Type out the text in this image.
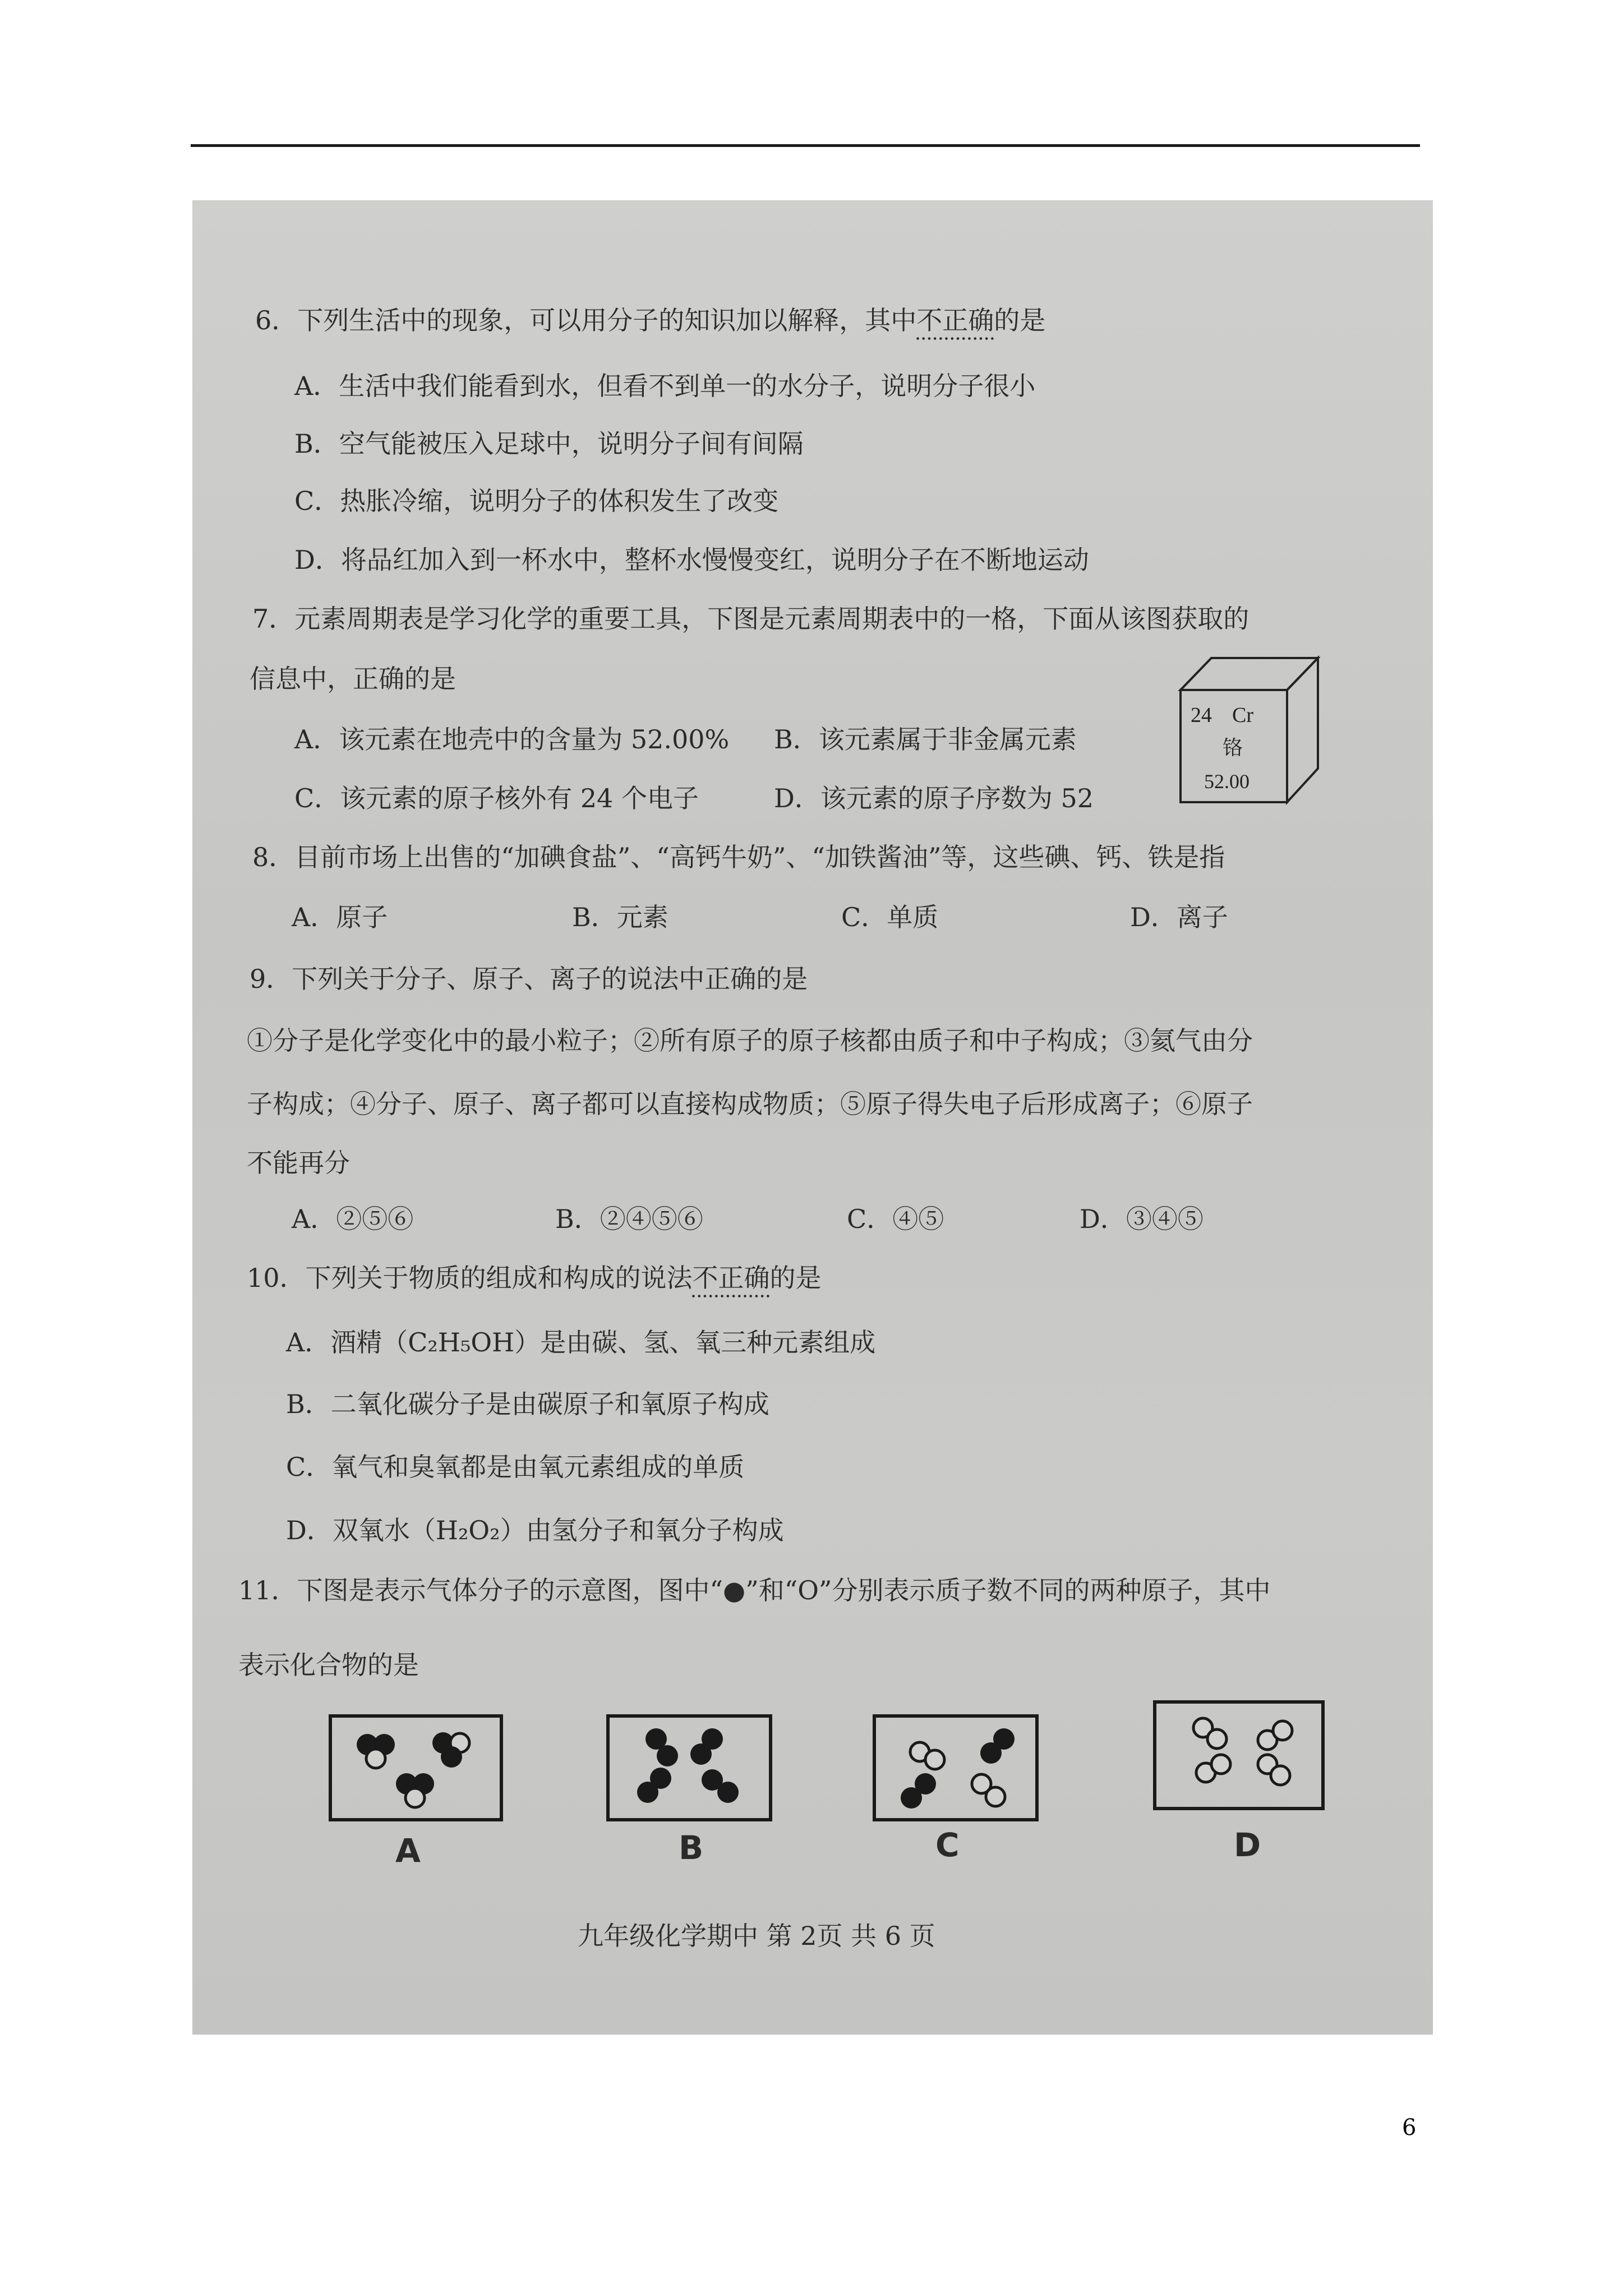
6．下列生活中的现象，可以用分子的知识加以解释，其中不正确的是
A．生活中我们能看到水，但看不到单一的水分子，说明分子很小
B．空气能被压入足球中，说明分子间有间隔
C．热胀冷缩，说明分子的体积发生了改变
D．将品红加入到一杯水中，整杯水慢慢变红，说明分子在不断地运动
7．元素周期表是学习化学的重要工具，下图是元素周期表中的一格，下面从该图获取的
信息中，正确的是
A．该元素在地壳中的含量为 52.00% B．该元素属于非金属元素
C．该元素的原子核外有 24 个电子	D．该元素的原子序数为 52
24 Cr
铬
52.00
8．目前市场上出售的“加碘食盐”、“高钙牛奶”、“加铁酱油”等，这些碘、钙、铁是指
A．原子	B．元素	C．单质	D．离子
9．下列关于分子、原子、离子的说法中正确的是
①分子是化学变化中的最小粒子；②所有原子的原子核都由质子和中子构成；③氦气由分
子构成；④分子、原子、离子都可以直接构成物质；⑤原子得失电子后形成离子；⑥原子
不能再分
A．②⑤⑥	B．②④⑤⑥	C．④⑤	D．③④⑤
10．下列关于物质的组成和构成的说法不正确的是
A．酒精（C₂H₅OH）是由碳、氢、氧三种元素组成
B．二氧化碳分子是由碳原子和氧原子构成
C．氧气和臭氧都是由氧元素组成的单质
D．双氧水（H₂O₂）由氢分子和氧分子构成
11．下图是表示气体分子的示意图，图中“●”和“O”分别表示质子数不同的两种原子，其中
表示化合物的是
A	B	C	D
九年级化学期中 第 2页 共 6 页
6
